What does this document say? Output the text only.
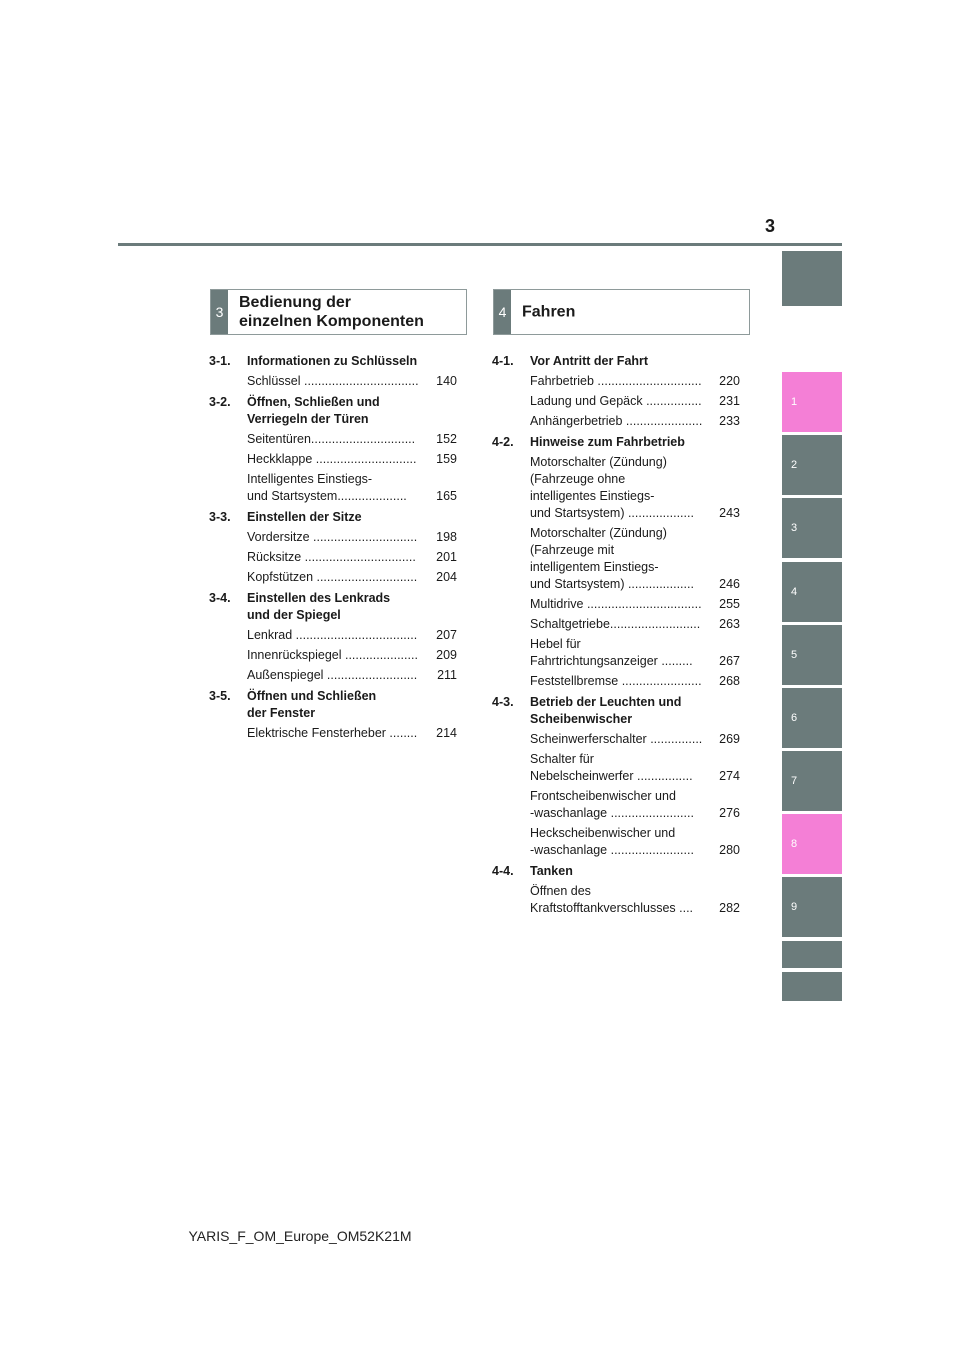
3
1
2
3
4
5
6
7
8
9
3
Bedienung der
einzelnen Komponenten
4 Fahren
3-1. Informationen zu Schlüsseln
Schlüssel .................................	140
3-2. Öffnen, Schließen und
Verriegeln der Türen
Seitentüren..............................	152
Heckklappe .............................	159
Intelligentes Einstiegs-
und Startsystem....................	165
3-3. Einstellen der Sitze
Vordersitze ..............................	198
Rücksitze ................................	201
Kopfstützen .............................	204
3-4. Einstellen des Lenkrads
und der Spiegel
Lenkrad ...................................	207
Innenrückspiegel .....................	209
Außenspiegel ..........................	211
3-5. Öffnen und Schließen
der Fenster
Elektrische Fensterheber ........	214
4-1. Vor Antritt der Fahrt
Fahrbetrieb ..............................	220
Ladung und Gepäck ................	231
Anhängerbetrieb ......................	233
4-2. Hinweise zum Fahrbetrieb
Motorschalter (Zündung)
(Fahrzeuge ohne
intelligentes Einstiegs-
und Startsystem) ...................	243
Motorschalter (Zündung)
(Fahrzeuge mit
intelligentem Einstiegs-
und Startsystem) ...................	246
Multidrive .................................	255
Schaltgetriebe..........................	263
Hebel für
Fahrtrichtungsanzeiger .........	267
Feststellbremse .......................	268
4-3. Betrieb der Leuchten und
Scheibenwischer
Scheinwerferschalter ...............	269
Schalter für
Nebelscheinwerfer ................	274
Frontscheibenwischer und
-waschanlage ........................	276
Heckscheibenwischer und
-waschanlage ........................	280
4-4. Tanken
Öffnen des
Kraftstofftankverschlusses ....	282
YARIS_F_OM_Europe_OM52K21M
